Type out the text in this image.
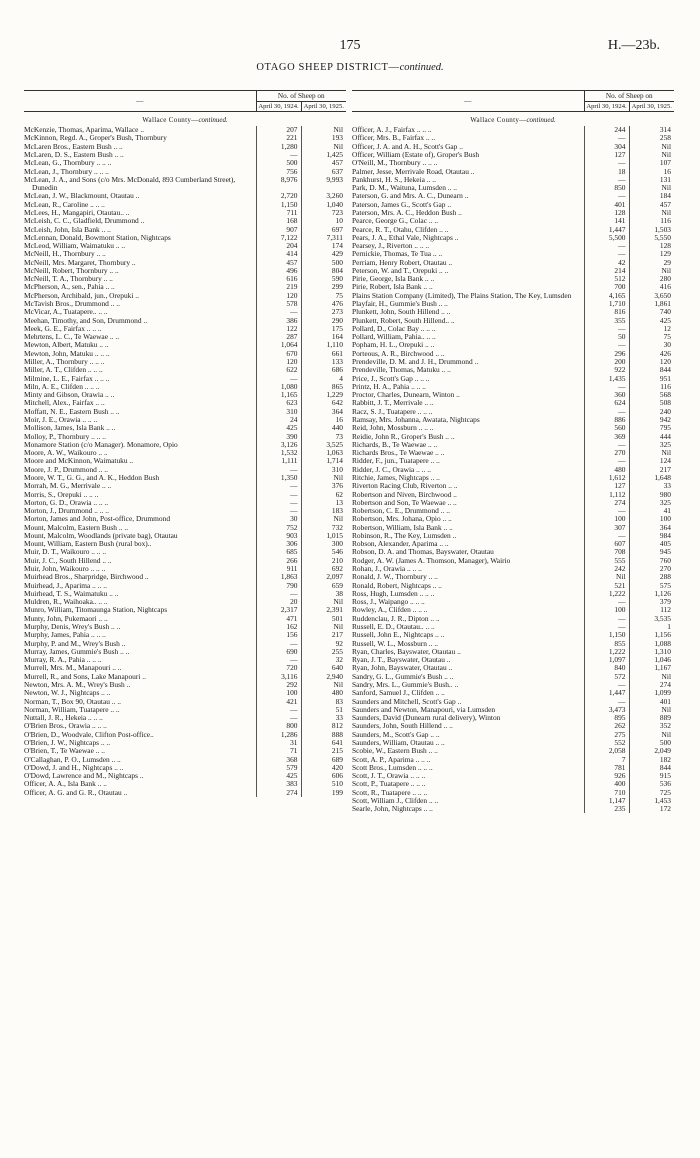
175	H.—23b.
OTAGO SHEEP DISTRICT—continued.
—	No. of Sheep on	
	April 30, 1924.	April 30, 1925.
Wallace County—continued.		
McKenzie, Thomas, Aparima, Wallace ..	207	Nil
McKinnon, Regd. A., Groper's Bush, Thornbury	221	193
McLaren Bros., Eastern Bush .. ..	1,280	Nil
McLaren, D. S., Eastern Bush .. ..	—	1,425
McLean, G., Thornbury .. .. ..	500	457
McLean, J., Thornbury .. .. ..	756	637
McLean, J. A., and Sons (c/o Mrs. McDonald, 893 Cumberland Street), Dunedin	8,976	9,993
McLean, J. W., Blackmount, Otautau ..	2,720	3,260
McLean, R., Caroline .. .. ..	1,150	1,040
McLees, H., Mangapiri, Otautau.. ..	711	723
McLeish, C. C., Gladfield, Drummond ..	168	10
McLeish, John, Isla Bank .. ..	907	697
McLennan, Donald, Bowmont Station, Nightcaps	7,122	7,311
McLeod, William, Waimatuku .. ..	204	174
McNeill, H., Thornbury .. ..	414	429
McNeill, Mrs. Margaret, Thornbury ..	457	500
McNeill, Robert, Thornbury .. ..	496	804
McNeill, T. A., Thornbury .. ..	616	590
McPherson, A., sen., Pahia .. ..	219	299
McPherson, Archibald, jun., Orepuki ..	120	75
McTavish Bros., Drummond .. ..	578	476
McVicar, A., Tuatapere.. .. ..	—	273
Meehan, Timothy, and Son, Drummond ..	386	290
Meek, G. E., Fairfax .. .. ..	122	175
Mehrtens, L. C., Te Waewae .. ..	287	164
Mewton, Albert, Matuku .. ..	1,064	1,110
Mewton, John, Matuku .. .. ..	670	661
Miller, A., Thornbury .. .. ..	120	133
Miller, A. T., Clifden .. .. ..	622	686
Milmine, L. E., Fairfax .. .. ..	—	4
Miln, A. E., Clifden .. .. ..	1,080	865
Minty and Gibson, Orawia .. ..	1,165	1,229
Mitchell, Alex., Fairfax .. ..	623	642
Moffatt, N. E., Eastern Bush .. ..	310	364
Moir, J. E., Orawia .. .. ..	24	16
Mollison, James, Isla Bank .. ..	425	440
Molloy, P., Thornbury .. .. ..	390	73
Monamore Station (c/o Manager). Monamore, Opio	3,126	3,525
Moore, A. W., Waikouro .. ..	1,532	1,063
Moore and McKinnon, Waimatuku ..	1,111	1,714
Moore, J. P., Drummond .. ..	—	310
Moore, W. T., G. G., and A. K., Heddon Bush	1,350	Nil
Morrah, M. G., Merrivale .. ..	—	376
Morris, S., Orepuki .. .. ..	—	62
Morton, G. D., Orawia .. .. ..	—	13
Morton, J., Drummond .. .. ..	—	183
Morton, James and John, Post-office, Drummond	30	Nil
Mount, Malcolm, Eastern Bush .. ..	752	732
Mount, Malcolm, Woodlands (private bag), Otautau	903	1,015
Mount, William, Eastern Bush (rural box)..	306	300
Muir, D. T., Waikouro .. .. ..	685	546
Muir, J. C., South Hillend .. ..	266	210
Muir, John, Waikouro .. .. ..	911	692
Muirhead Bros., Sharpridge, Birchwood ..	1,863	2,097
Muirhead, J., Aparima .. .. ..	790	659
Muirhead, T. S., Waimatuku .. ..	—	38
Muldren, R., Waihoaka.. .. ..	20	Nil
Munro, William, Titomaunga Station, Nightcaps	2,317	2,391
Munty, John, Pukemaori .. ..	471	501
Murphy, Denis, Wrey's Bush .. ..	162	Nil
Murphy, James, Pahia .. .. ..	156	217
Murphy, P. and M., Wrey's Bush ..	—	92
Murray, James, Gummie's Bush .. ..	690	255
Murray, R. A., Pahia .. .. ..	—	32
Murrell, Mrs. M., Manapouri .. ..	720	640
Murrell, R., and Sons, Lake Manapouri ..	3,116	2,940
Newton, Mrs. A. M., Wrey's Bush ..	292	Nil
Newton, W. J., Nightcaps .. ..	100	480
Norman, T., Box 90, Otautau .. ..	421	83
Norman, William, Tuatapere .. ..	—	51
Nuttall, J. R., Hekeia .. .. ..	—	33
O'Brien Bros., Orawia .. .. ..	800	812
O'Brien, D., Woodvale, Clifton Post-office..	1,286	888
O'Brien, J. W., Nightcaps .. ..	31	641
O'Brien, T., Te Waewae .. ..	71	215
O'Callaghan, P. O., Lumsden .. ..	368	689
O'Dowd, J. and H., Nightcaps .. ..	579	420
O'Dowd, Lawrence and M., Nightcaps ..	425	606
Officer, A. A., Isla Bank .. ..	383	510
Officer, A. G. and G. R., Otautau ..	274	199
—	No. of Sheep on	
	April 30, 1924.	April 30, 1925.
Wallace County—continued.		
Officer, A. J., Fairfax .. .. ..	244	314
Officer, Mrs. B., Fairfax .. ..	—	258
Officer, J. A. and A. H., Scott's Gap ..	304	Nil
Officer, William (Estate of), Groper's Bush	127	Nil
O'Neill, M., Thornbury .. .. ..	—	107
Palmer, Jesse, Merrivale Road, Otautau ..	18	16
Pankhurst, H. S., Hekeia .. ..	—	131
Park, D. M., Waituna, Lumsden .. ..	850	Nil
Paterson, G. and Mrs. A. C., Dunearn ..	—	184
Paterson, James G., Scott's Gap ..	401	457
Paterson, Mrs. A. C., Heddon Bush ..	128	Nil
Pearce, George G., Colac .. ..	141	116
Pearce, R. T., Otahu, Clifden .. ..	1,447	1,503
Pears, J. A., Ethal Vale, Nightcaps ..	5,500	5,550
Pearsey, J., Riverton .. .. ..	—	128
Pernickie, Thomas, Te Tua .. ..	—	129
Perriam, Henry Robert, Otautau ..	42	29
Peterson, W. and T., Orepuki .. ..	214	Nil
Pirie, George, Isla Bank .. ..	512	280
Pirie, Robert, Isla Bank .. ..	700	416
Plains Station Company (Limited), The Plains Station, The Key, Lumsden	4,165	3,650
Playfair, H., Gummie's Bush .. ..	1,710	1,861
Plunkett, John, South Hillend .. ..	816	740
Plunkett, Robert, South Hillend.. ..	355	425
Pollard, D., Colac Bay .. .. ..	—	12
Pollard, William, Pahia.. .. ..	50	75
Popham, H. L., Orepuki .. ..	—	30
Porteous, A. R., Birchwood .. ..	296	426
Prendeville, D. M. and J. H., Drummond ..	200	120
Prendeville, Thomas, Matuku .. ..	922	844
Price, J., Scott's Gap .. .. ..	1,435	951
Printz, H. A., Pahia .. .. ..	—	116
Proctor, Charles, Dunearn, Winton ..	360	568
Rabbitt, J. T., Merrivale .. ..	624	508
Racz, S. J., Tuatapere .. .. ..	—	240
Ramsay, Mrs. Johanna, Awatata, Nightcaps	886	942
Reid, John, Mossburn .. .. ..	560	795
Reidie, John R., Groper's Bush .. ..	369	444
Richards, B., Te Waewae .. ..	—	325
Richards Bros., Te Waewae .. ..	270	Nil
Ridder, F., jun., Tuatapere .. ..	—	124
Ridder, J. C., Orawia .. .. ..	480	217
Ritchie, James, Nightcaps .. ..	1,612	1,648
Riverton Racing Club, Riverton .. ..	127	33
Robertson and Niven, Birchwood ..	1,112	980
Robertson and Son, Te Waewae .. ..	274	325
Robertson, C. E., Drummond .. ..	—	41
Robertson, Mrs. Johana, Opio .. ..	100	100
Robertson, William, Isla Bank .. ..	307	364
Robinson, R., The Key, Lumsden ..	—	984
Robson, Alexander, Aparima .. ..	607	405
Robson, D. A. and Thomas, Bayswater, Otautau	708	945
Rodger, A. W. (James A. Thomson, Manager), Wairio	555	760
Rohan, J., Orawia .. .. ..	242	270
Ronald, J. W., Thornbury .. ..	Nil	288
Ronald, Robert, Nightcaps .. ..	521	575
Ross, Hugh, Lumsden .. .. ..	1,222	1,126
Ross, J., Waipango .. .. ..	—	379
Rowley, A., Clifden .. .. ..	100	112
Ruddenclau, J. R., Dipton .. ..	—	3,535
Russell, E. D., Otautau.. .. ..	—	1
Russell, John E., Nightcaps .. ..	1,150	1,156
Russell, W. L., Mossburn .. ..	855	1,088
Ryan, Charles, Bayswater, Otautau ..	1,222	1,310
Ryan, J. T., Bayswater, Otautau ..	1,097	1,046
Ryan, John, Bayswater, Otautau ..	840	1,167
Sandry, G. L., Gummie's Bush .. ..	572	Nil
Sandry, Mrs. L., Gummie's Bush.. ..	—	274
Sanford, Samuel J., Clifden .. ..	1,447	1,099
Saunders and Mitchell, Scott's Gap ..	—	401
Saunders and Newton, Manapouri, via Lumsden	3,473	Nil
Saunders, David (Dunearn rural delivery), Winton	895	889
Saunders, John, South Hillend .. ..	262	352
Saunders, M., Scott's Gap .. ..	275	Nil
Saunders, William, Otautau .. ..	552	500
Scobie, W., Eastern Bush .. ..	2,058	2,049
Scott, A. P., Aparima .. .. ..	7	182
Scott Bros., Lumsden .. .. ..	781	844
Scott, J. T., Orawia .. .. ..	926	915
Scott, P., Tuatapere .. .. ..	400	536
Scott, R., Tuatapere .. .. ..	710	725
Scott, William J., Clifden .. ..	1,147	1,453
Searle, John, Nightcaps .. ..	235	172
